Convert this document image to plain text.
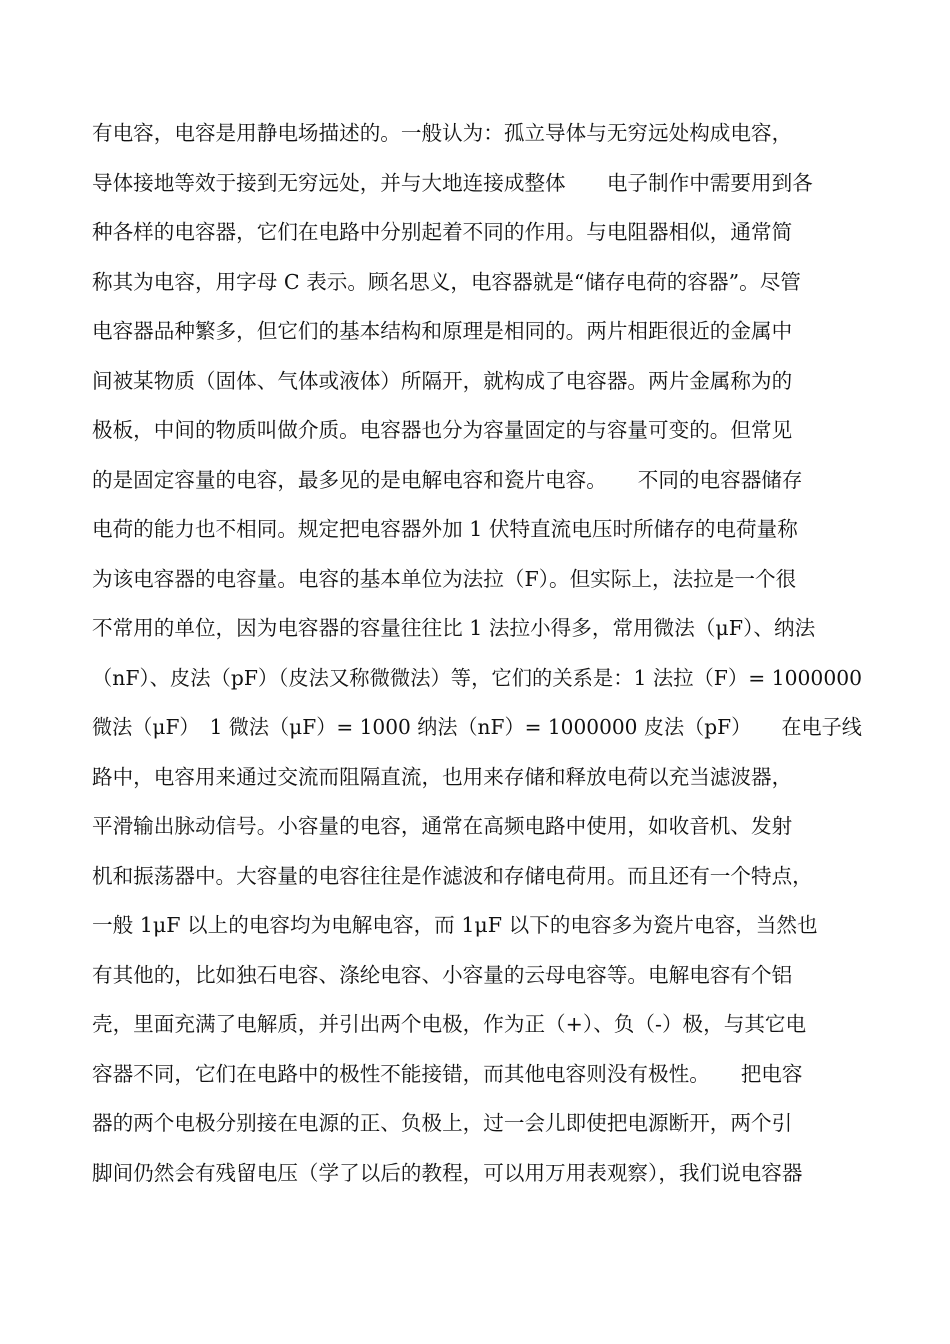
有电容，电容是用静电场描述的。一般认为：孤立导体与无穷远处构成电容，
导体接地等效于接到无穷远处，并与大地连接成整体　　电子制作中需要用到各
种各样的电容器，它们在电路中分别起着不同的作用。与电阻器相似，通常简
称其为电容，用字母 C 表示。顾名思义，电容器就是“储存电荷的容器”。尽管
电容器品种繁多，但它们的基本结构和原理是相同的。两片相距很近的金属中
间被某物质（固体、气体或液体）所隔开，就构成了电容器。两片金属称为的
极板，中间的物质叫做介质。电容器也分为容量固定的与容量可变的。但常见
的是固定容量的电容，最多见的是电解电容和瓷片电容。　　不同的电容器储存
电荷的能力也不相同。规定把电容器外加 1 伏特直流电压时所储存的电荷量称
为该电容器的电容量。电容的基本单位为法拉（F）。但实际上，法拉是一个很
不常用的单位，因为电容器的容量往往比 1 法拉小得多，常用微法（μF）、纳法
（nF）、皮法（pF）（皮法又称微微法）等，它们的关系是：1 法拉（F）= 1000000
微法（μF）　1 微法（μF）= 1000 纳法（nF）= 1000000 皮法（pF）　　在电子线
路中，电容用来通过交流而阻隔直流，也用来存储和释放电荷以充当滤波器，
平滑输出脉动信号。小容量的电容，通常在高频电路中使用，如收音机、发射
机和振荡器中。大容量的电容往往是作滤波和存储电荷用。而且还有一个特点，
一般 1μF 以上的电容均为电解电容，而 1μF 以下的电容多为瓷片电容，当然也
有其他的，比如独石电容、涤纶电容、小容量的云母电容等。电解电容有个铝
壳，里面充满了电解质，并引出两个电极，作为正（+）、负（-）极，与其它电
容器不同，它们在电路中的极性不能接错，而其他电容则没有极性。　　把电容
器的两个电极分别接在电源的正、负极上，过一会儿即使把电源断开，两个引
脚间仍然会有残留电压（学了以后的教程，可以用万用表观察），我们说电容器
